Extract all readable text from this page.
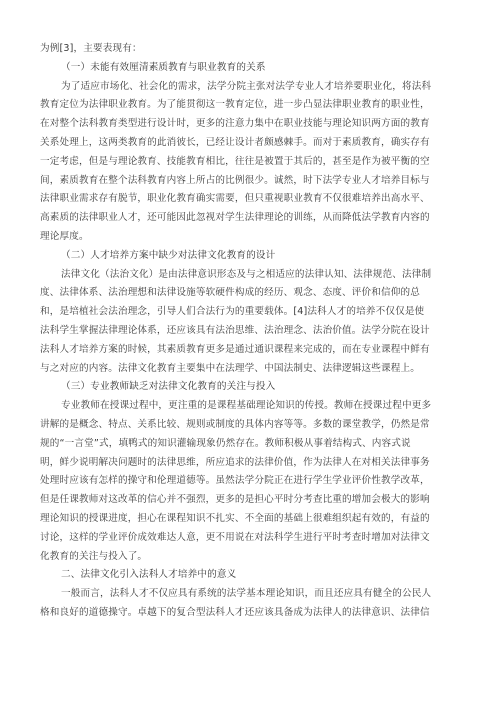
为例[3]，主要表现有：
（一）未能有效厘清素质教育与职业教育的关系
为了适应市场化、社会化的需求，法学分院主张对法学专业人才培养要职业化，将法科
教育定位为法律职业教育。为了能贯彻这一教育定位，进一步凸显法律职业教育的职业性，
在对整个法科教育类型进行设计时，更多的注意力集中在职业技能与理论知识两方面的教育
关系处理上，这两类教育的此消彼长，已经让设计者颇感棘手。而对于素质教育，确实存有
一定考虑，但是与理论教育、技能教育相比，往往是被置于其后的，甚至是作为被平衡的空
间，素质教育在整个法科教育内容上所占的比例很少。诚然，时下法学专业人才培养目标与
法律职业需求存有脱节，职业化教育确实需要，但只重视职业教育不仅很难培养出高水平、
高素质的法律职业人才，还可能因此忽视对学生法律理论的训练，从而降低法学教育内容的
理论厚度。
（二）人才培养方案中缺少对法律文化教育的设计
法律文化（法治文化）是由法律意识形态及与之相适应的法律认知、法律规范、法律制
度、法律体系、法治理想和法律设施等软硬件构成的经历、观念、态度、评价和信仰的总
和，是培植社会法治理念，引导人们合法行为的重要载体。[4]法科人才的培养不仅仅是使
法科学生掌握法律理论体系，还应该具有法治思维、法治理念、法治价值。法学分院在设计
法科人才培养方案的时候，其素质教育更多是通过通识课程来完成的，而在专业课程中鲜有
与之对应的内容。法律文化教育主要集中在法理学、中国法制史、法律逻辑这些课程上。
（三）专业教师缺乏对法律文化教育的关注与投入
专业教师在授课过程中，更注重的是课程基础理论知识的传授。教师在授课过程中更多
讲解的是概念、特点、关系比较、规则或制度的具体内容等等。多数的课堂教学，仍然是常
规的“一言堂”式，填鸭式的知识灌输现象仍然存在。教师积极从事着结构式、内容式说
明，鲜少说明解决问题时的法律思维，所应追求的法律价值，作为法律人在对相关法律事务
处理时应该有怎样的操守和伦理道德等。虽然法学分院正在进行学生学业评价性教学改革，
但是任课教师对这改革的信心并不强烈，更多的是担心平时分考查比重的增加会极大的影响
理论知识的授课进度，担心在课程知识不扎实、不全面的基础上很难组织起有效的，有益的
讨论，这样的学业评价成效难达人意，更不用说在对法科学生进行平时考查时增加对法律文
化教育的关注与投入了。
二、法律文化引入法科人才培养中的意义
一般而言，法科人才不仅应具有系统的法学基本理论知识，而且还应具有健全的公民人
格和良好的道德操守。卓越下的复合型法科人才还应该具备成为法律人的法律意识、法律信
